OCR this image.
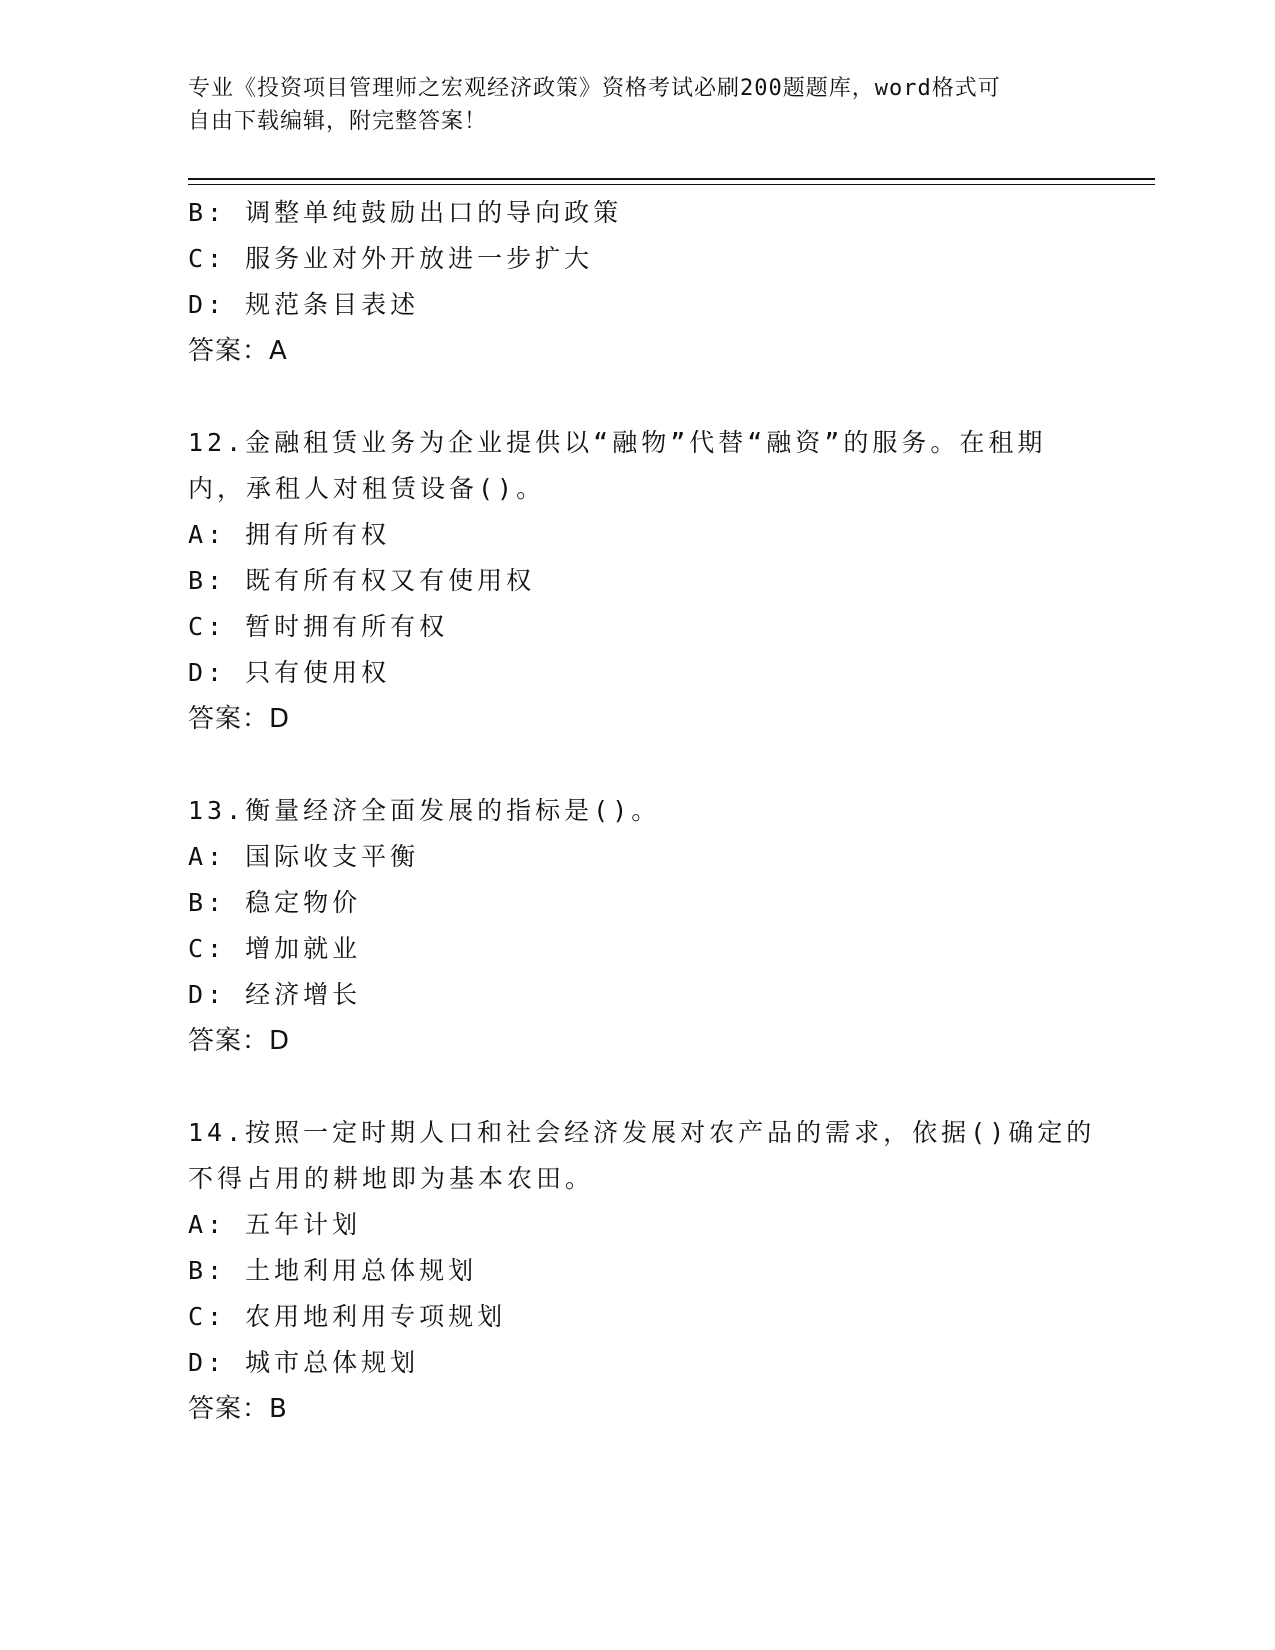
专业《投资项目管理师之宏观经济政策》资格考试必刷200题题库，word格式可
自由下载编辑，附完整答案！
B: 调整单纯鼓励出口的导向政策
C: 服务业对外开放进一步扩大
D: 规范条目表述
答案：A
12.金融租赁业务为企业提供以“融物”代替“融资”的服务。在租期
内，承租人对租赁设备()。
A: 拥有所有权
B: 既有所有权又有使用权
C: 暂时拥有所有权
D: 只有使用权
答案：D
13.衡量经济全面发展的指标是()。
A: 国际收支平衡
B: 稳定物价
C: 增加就业
D: 经济增长
答案：D
14.按照一定时期人口和社会经济发展对农产品的需求，依据()确定的
不得占用的耕地即为基本农田。
A: 五年计划
B: 土地利用总体规划
C: 农用地利用专项规划
D: 城市总体规划
答案：B
